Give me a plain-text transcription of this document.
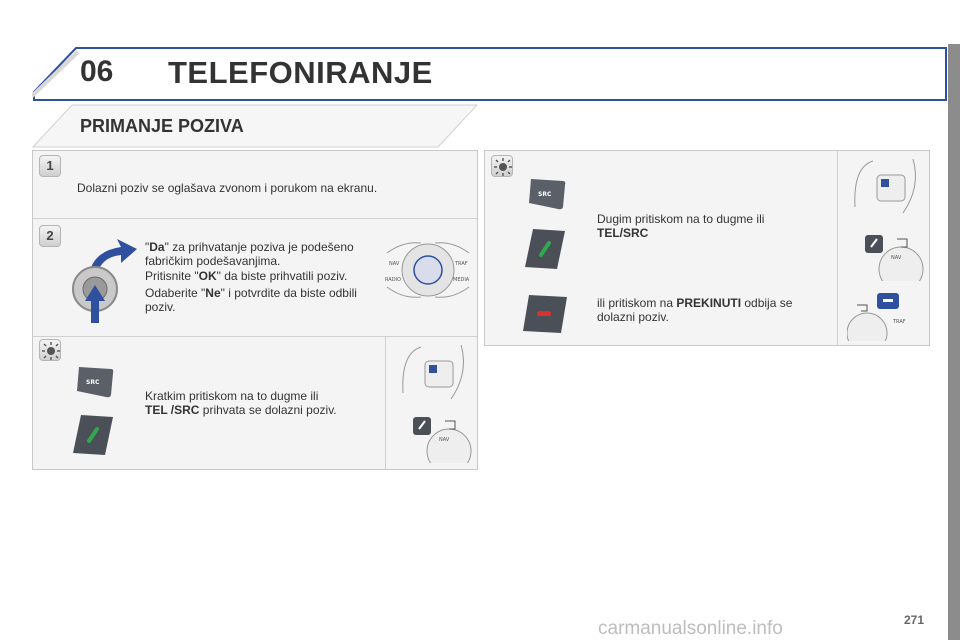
06 TELEFONIRANJE
PRIMANJE POZIVA
1
Dolazni poziv se oglašava zvonom i porukom na ekranu.
2
"Da" za prihvatanje poziva je podešeno fabričkim podešavanjima.
Pritisnite "OK" da biste prihvatili poziv.
Odaberite "Ne" i potvrdite da biste odbili poziv.
NAV	TRAF
RADIO	MEDIA
SRC
Kratkim pritiskom na to dugme ili
TEL /SRC prihvata se dolazni poziv.
NAV
SRC
Dugim pritiskom na to dugme ili
TEL/SRC
ili pritiskom na PREKINUTI odbija se dolazni poziv.
NAV
TRAF
carmanualsonline.info	271
